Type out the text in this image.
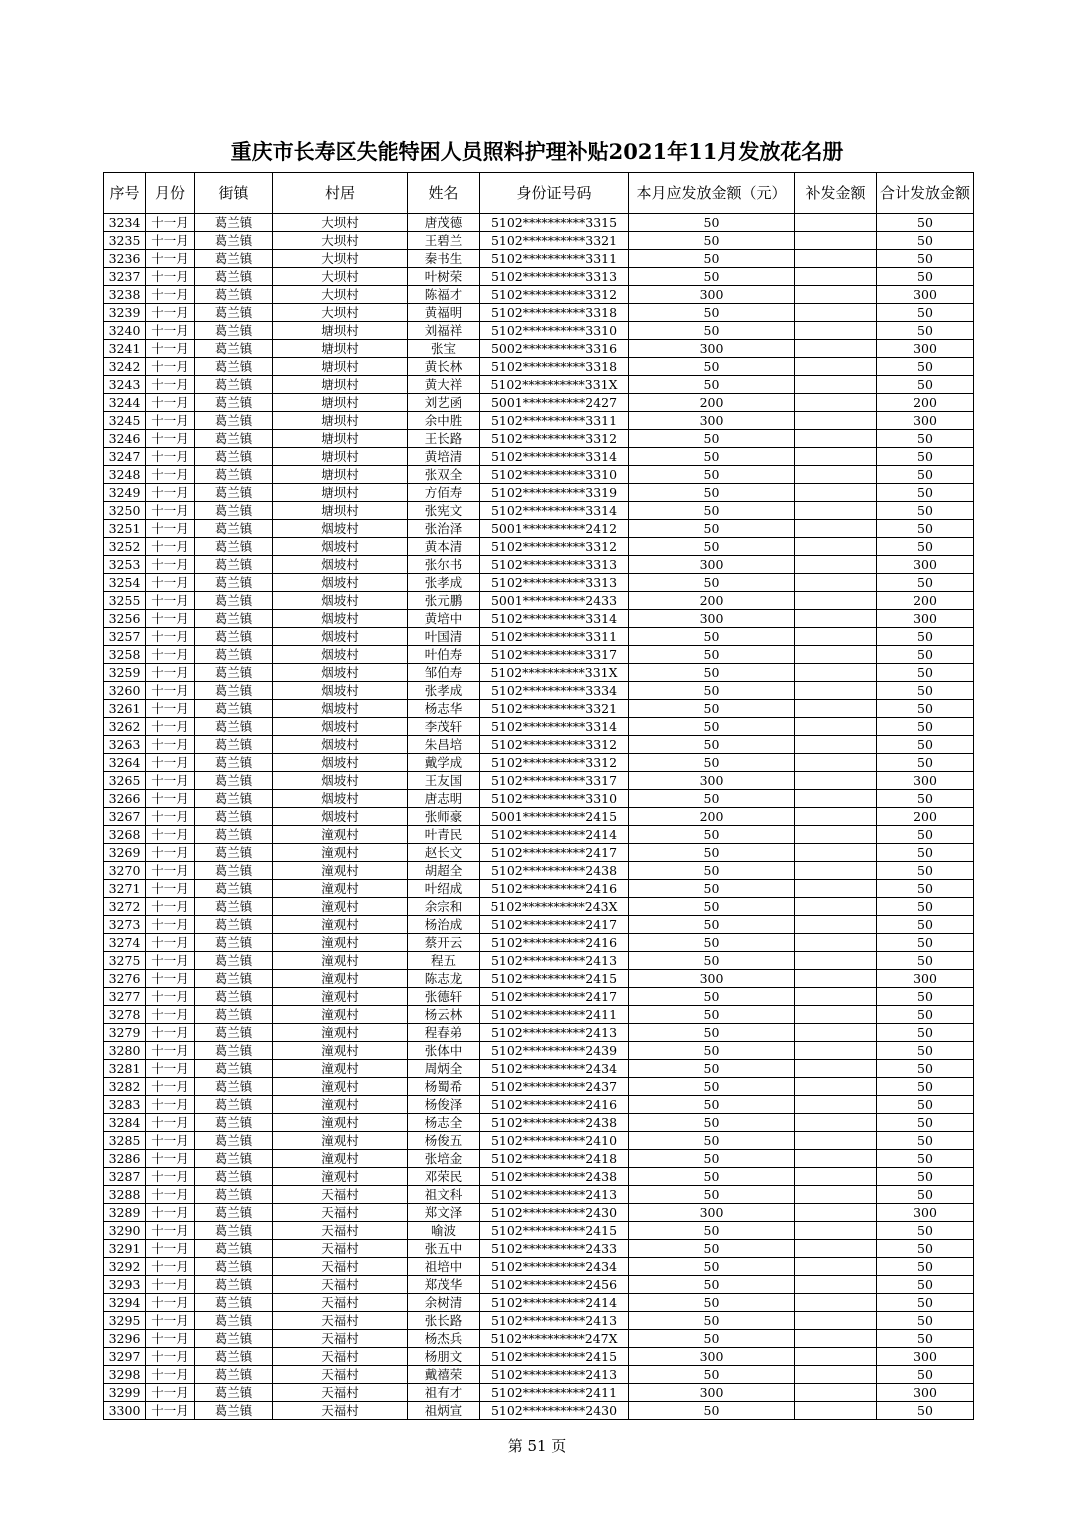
重庆市长寿区失能特困人员照料护理补贴2021年11月发放花名册
序号	月份	街镇	村居	姓名	身份证号码	本月应发放金额（元）	补发金额	合计发放金额
3234	十一月	葛兰镇	大坝村	唐茂德	5102**********3315	50		50
3235	十一月	葛兰镇	大坝村	王碧兰	5102**********3321	50		50
3236	十一月	葛兰镇	大坝村	秦书生	5102**********3311	50		50
3237	十一月	葛兰镇	大坝村	叶树荣	5102**********3313	50		50
3238	十一月	葛兰镇	大坝村	陈福才	5102**********3312	300		300
3239	十一月	葛兰镇	大坝村	黄福明	5102**********3318	50		50
3240	十一月	葛兰镇	塘坝村	刘福祥	5102**********3310	50		50
3241	十一月	葛兰镇	塘坝村	张宝	5002**********3316	300		300
3242	十一月	葛兰镇	塘坝村	黄长林	5102**********3318	50		50
3243	十一月	葛兰镇	塘坝村	黄大祥	5102**********331X	50		50
3244	十一月	葛兰镇	塘坝村	刘艺函	5001**********2427	200		200
3245	十一月	葛兰镇	塘坝村	余中胜	5102**********3311	300		300
3246	十一月	葛兰镇	塘坝村	王长路	5102**********3312	50		50
3247	十一月	葛兰镇	塘坝村	黄培清	5102**********3314	50		50
3248	十一月	葛兰镇	塘坝村	张双全	5102**********3310	50		50
3249	十一月	葛兰镇	塘坝村	方佰寿	5102**********3319	50		50
3250	十一月	葛兰镇	塘坝村	张宪文	5102**********3314	50		50
3251	十一月	葛兰镇	烟坡村	张治泽	5001**********2412	50		50
3252	十一月	葛兰镇	烟坡村	黄本清	5102**********3312	50		50
3253	十一月	葛兰镇	烟坡村	张尔书	5102**********3313	300		300
3254	十一月	葛兰镇	烟坡村	张孝成	5102**********3313	50		50
3255	十一月	葛兰镇	烟坡村	张元鹏	5001**********2433	200		200
3256	十一月	葛兰镇	烟坡村	黄培中	5102**********3314	300		300
3257	十一月	葛兰镇	烟坡村	叶国清	5102**********3311	50		50
3258	十一月	葛兰镇	烟坡村	叶伯寿	5102**********3317	50		50
3259	十一月	葛兰镇	烟坡村	邹伯寿	5102**********331X	50		50
3260	十一月	葛兰镇	烟坡村	张孝成	5102**********3334	50		50
3261	十一月	葛兰镇	烟坡村	杨志华	5102**********3321	50		50
3262	十一月	葛兰镇	烟坡村	李茂轩	5102**********3314	50		50
3263	十一月	葛兰镇	烟坡村	朱昌培	5102**********3312	50		50
3264	十一月	葛兰镇	烟坡村	戴学成	5102**********3312	50		50
3265	十一月	葛兰镇	烟坡村	王友国	5102**********3317	300		300
3266	十一月	葛兰镇	烟坡村	唐志明	5102**********3310	50		50
3267	十一月	葛兰镇	烟坡村	张师豪	5001**********2415	200		200
3268	十一月	葛兰镇	潼观村	叶青民	5102**********2414	50		50
3269	十一月	葛兰镇	潼观村	赵长文	5102**********2417	50		50
3270	十一月	葛兰镇	潼观村	胡超全	5102**********2438	50		50
3271	十一月	葛兰镇	潼观村	叶绍成	5102**********2416	50		50
3272	十一月	葛兰镇	潼观村	余宗和	5102**********243X	50		50
3273	十一月	葛兰镇	潼观村	杨治成	5102**********2417	50		50
3274	十一月	葛兰镇	潼观村	蔡开云	5102**********2416	50		50
3275	十一月	葛兰镇	潼观村	程五	5102**********2413	50		50
3276	十一月	葛兰镇	潼观村	陈志龙	5102**********2415	300		300
3277	十一月	葛兰镇	潼观村	张德轩	5102**********2417	50		50
3278	十一月	葛兰镇	潼观村	杨云林	5102**********2411	50		50
3279	十一月	葛兰镇	潼观村	程春弟	5102**********2413	50		50
3280	十一月	葛兰镇	潼观村	张体中	5102**********2439	50		50
3281	十一月	葛兰镇	潼观村	周炳全	5102**********2434	50		50
3282	十一月	葛兰镇	潼观村	杨蜀希	5102**********2437	50		50
3283	十一月	葛兰镇	潼观村	杨俊泽	5102**********2416	50		50
3284	十一月	葛兰镇	潼观村	杨志全	5102**********2438	50		50
3285	十一月	葛兰镇	潼观村	杨俊五	5102**********2410	50		50
3286	十一月	葛兰镇	潼观村	张培金	5102**********2418	50		50
3287	十一月	葛兰镇	潼观村	邓荣民	5102**********2438	50		50
3288	十一月	葛兰镇	天福村	祖文科	5102**********2413	50		50
3289	十一月	葛兰镇	天福村	郑文泽	5102**********2430	300		300
3290	十一月	葛兰镇	天福村	喻波	5102**********2415	50		50
3291	十一月	葛兰镇	天福村	张五中	5102**********2433	50		50
3292	十一月	葛兰镇	天福村	祖培中	5102**********2434	50		50
3293	十一月	葛兰镇	天福村	郑茂华	5102**********2456	50		50
3294	十一月	葛兰镇	天福村	余树清	5102**********2414	50		50
3295	十一月	葛兰镇	天福村	张长路	5102**********2413	50		50
3296	十一月	葛兰镇	天福村	杨杰兵	5102**********247X	50		50
3297	十一月	葛兰镇	天福村	杨朋文	5102**********2415	300		300
3298	十一月	葛兰镇	天福村	戴禧荣	5102**********2413	50		50
3299	十一月	葛兰镇	天福村	祖有才	5102**********2411	300		300
3300	十一月	葛兰镇	天福村	祖炳宣	5102**********2430	50		50
第 51 页
